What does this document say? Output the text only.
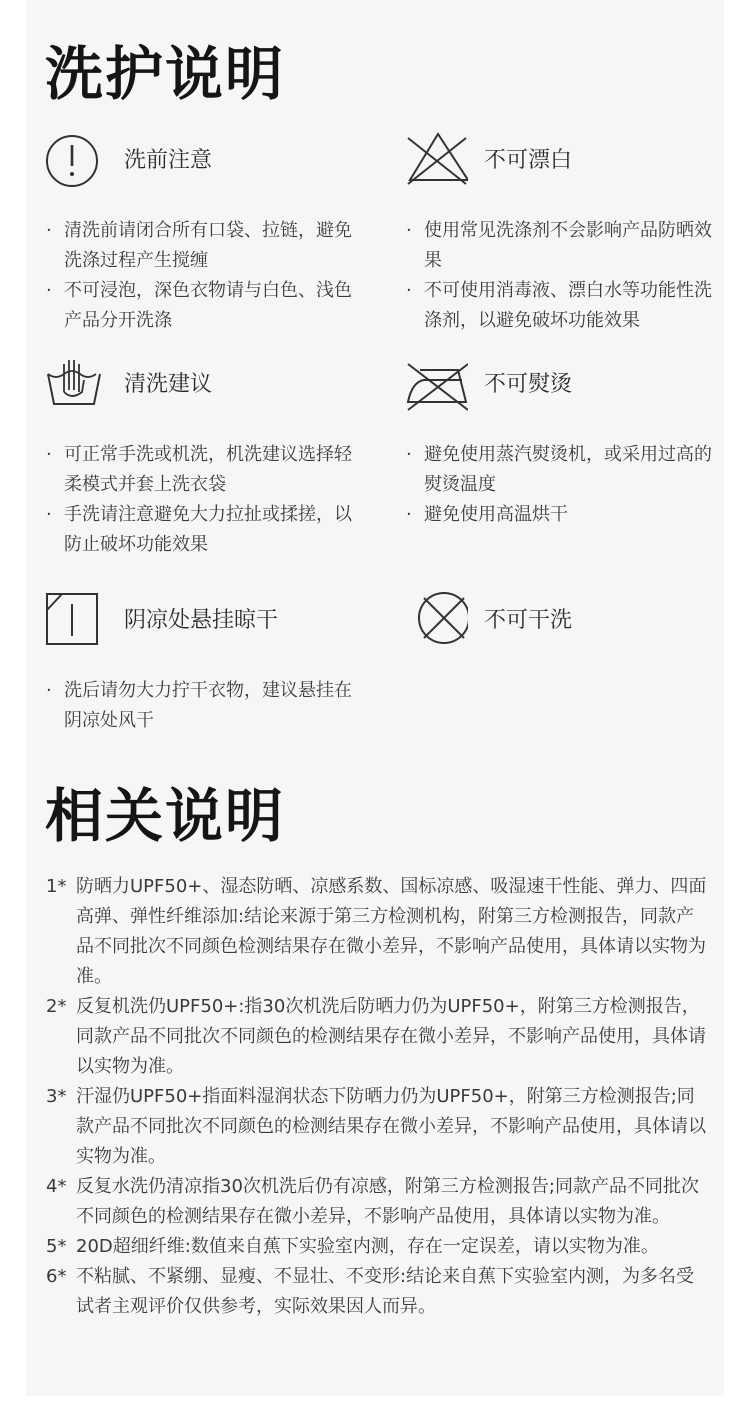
洗护说明
洗前注意
· 清洗前请闭合所有口袋、拉链，避免洗涤过程产生搅缠
· 不可浸泡，深色衣物请与白色、浅色产品分开洗涤
不可漂白
· 使用常见洗涤剂不会影响产品防晒效果
· 不可使用消毒液、漂白水等功能性洗涤剂，以避免破坏功能效果
清洗建议
· 可正常手洗或机洗，机洗建议选择轻柔模式并套上洗衣袋
· 手洗请注意避免大力拉扯或揉搓，以防止破坏功能效果
不可熨烫
· 避免使用蒸汽熨烫机，或采用过高的熨烫温度
· 避免使用高温烘干
阴凉处悬挂晾干
· 洗后请勿大力拧干衣物，建议悬挂在阴凉处风干
不可干洗
相关说明
1* 防晒力UPF50+、湿态防晒、凉感系数、国标凉感、吸湿速干性能、弹力、四面高弹、弹性纤维添加:结论来源于第三方检测机构，附第三方检测报告，同款产品不同批次不同颜色检测结果存在微小差异，不影响产品使用，具体请以实物为准。
2* 反复机洗仍UPF50+:指30次机洗后防晒力仍为UPF50+，附第三方检测报告，同款产品不同批次不同颜色的检测结果存在微小差异，不影响产品使用，具体请以实物为准。
3* 汗湿仍UPF50+指面料湿润状态下防晒力仍为UPF50+，附第三方检测报告;同款产品不同批次不同颜色的检测结果存在微小差异，不影响产品使用，具体请以实物为准。
4* 反复水洗仍清凉指30次机洗后仍有凉感，附第三方检测报告;同款产品不同批次不同颜色的检测结果存在微小差异，不影响产品使用，具体请以实物为准。
5* 20D超细纤维:数值来自蕉下实验室内测，存在一定误差，请以实物为准。
6* 不粘腻、不紧绷、显瘦、不显壮、不变形:结论来自蕉下实验室内测，为多名受试者主观评价仅供参考，实际效果因人而异。
